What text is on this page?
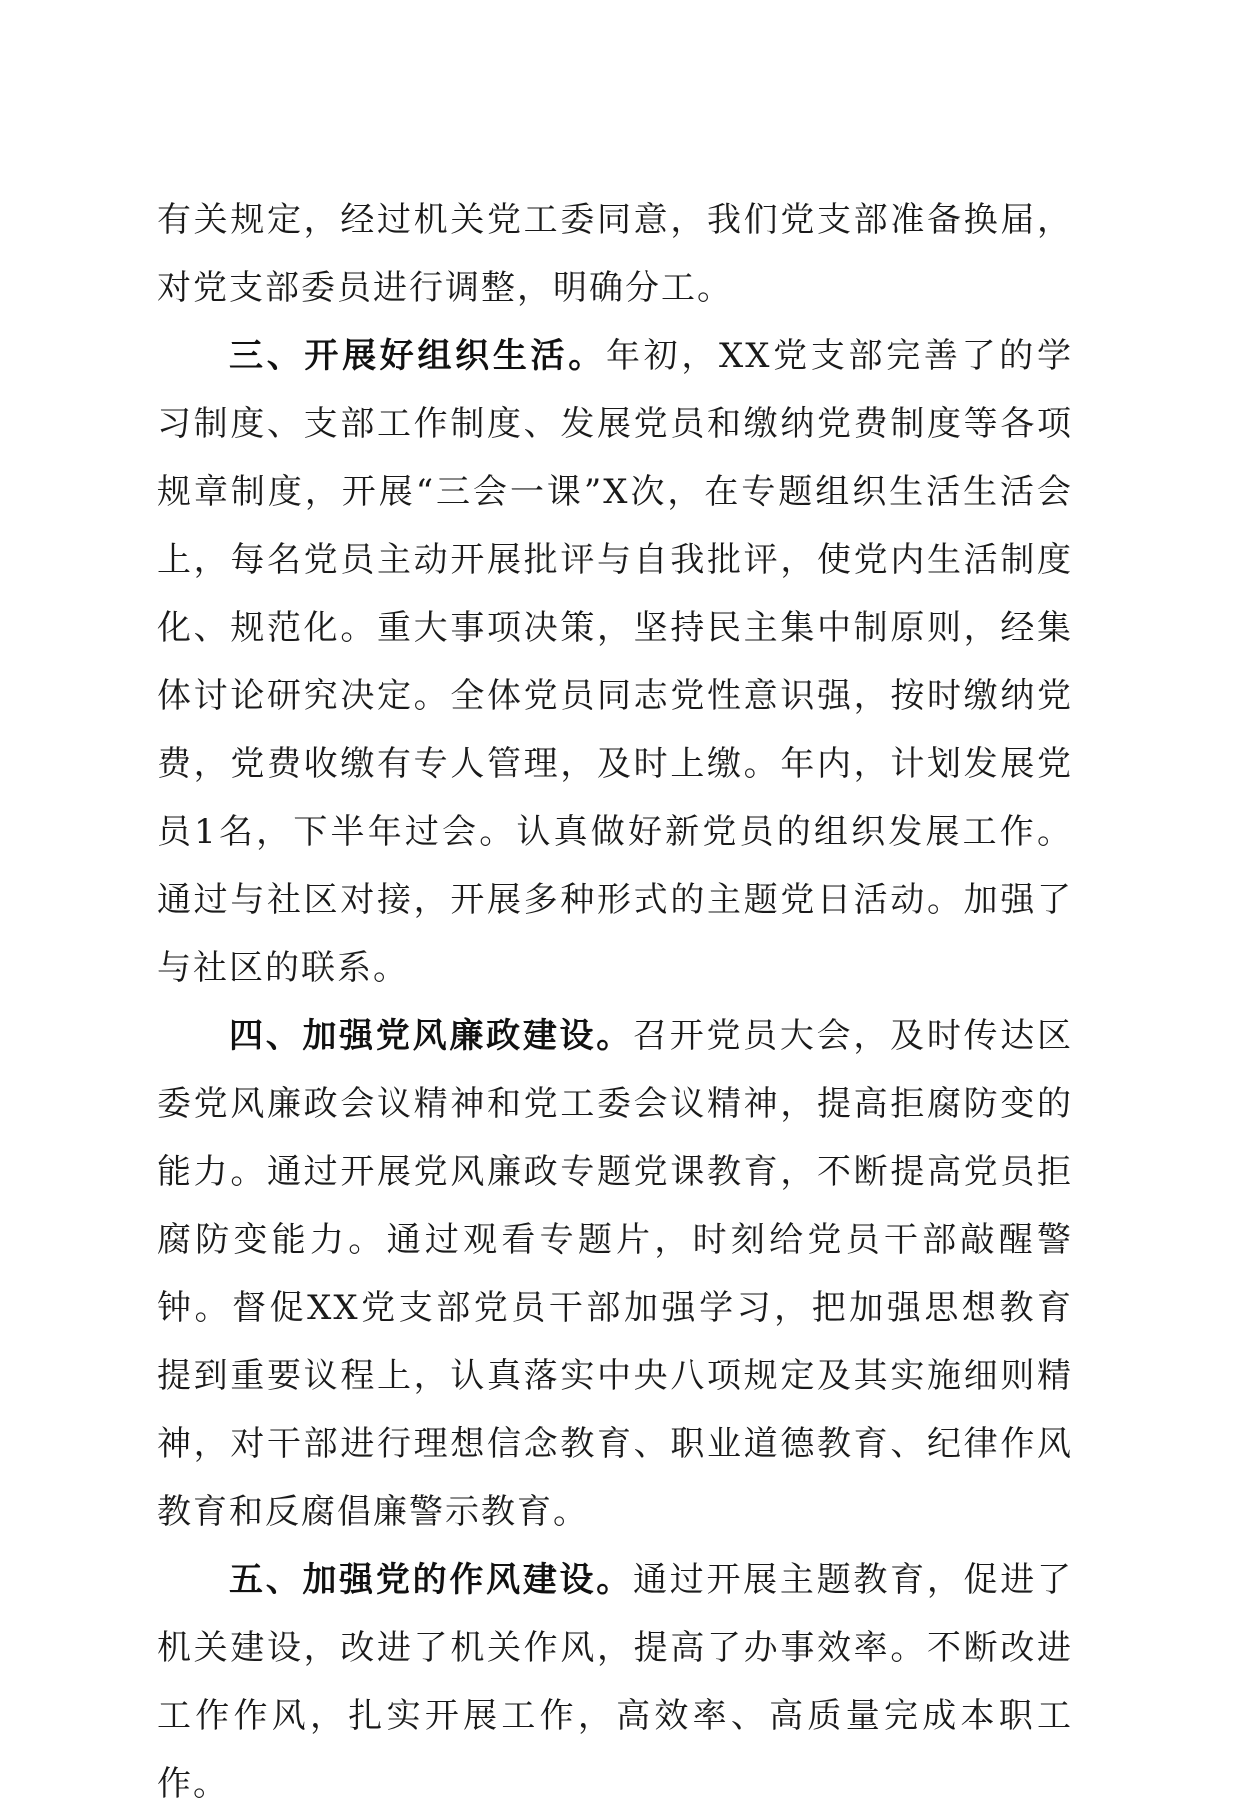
有关规定，经过机关党工委同意，我们党支部准备换届，对党支部委员进行调整，明确分工。

三、开展好组织生活。年初，XX党支部完善了的学习制度、支部工作制度、发展党员和缴纳党费制度等各项规章制度，开展“三会一课”X次，在专题组织生活生活会上，每名党员主动开展批评与自我批评，使党内生活制度化、规范化。重大事项决策，坚持民主集中制原则，经集体讨论研究决定。全体党员同志党性意识强，按时缴纳党费，党费收缴有专人管理，及时上缴。年内，计划发展党员1名，下半年过会。认真做好新党员的组织发展工作。通过与社区对接，开展多种形式的主题党日活动。加强了与社区的联系。

四、加强党风廉政建设。召开党员大会，及时传达区委党风廉政会议精神和党工委会议精神，提高拒腐防变的能力。通过开展党风廉政专题党课教育，不断提高党员拒腐防变能力。通过观看专题片，时刻给党员干部敲醒警钟。督促XX党支部党员干部加强学习，把加强思想教育提到重要议程上，认真落实中央八项规定及其实施细则精神，对干部进行理想信念教育、职业道德教育、纪律作风教育和反腐倡廉警示教育。

五、加强党的作风建设。通过开展主题教育，促进了机关建设，改进了机关作风，提高了办事效率。不断改进工作作风，扎实开展工作，高效率、高质量完成本职工作。
